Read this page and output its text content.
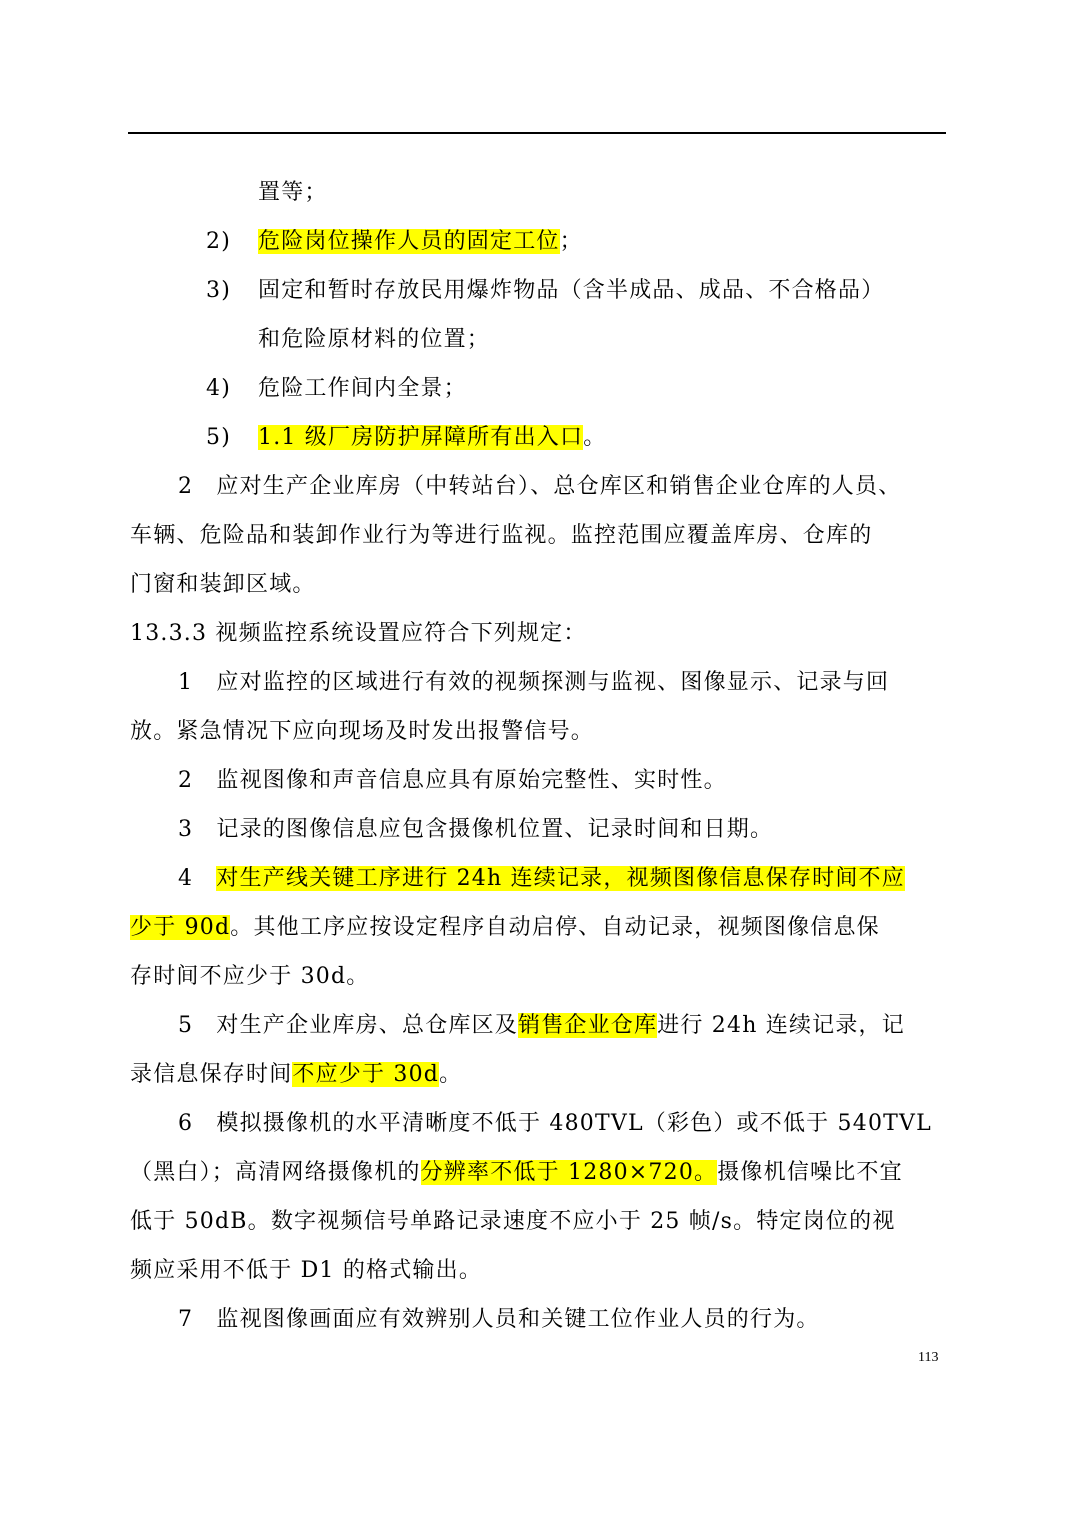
置等；
2) 危险岗位操作人员的固定工位；
3) 固定和暂时存放民用爆炸物品（含半成品、成品、不合格品）
和危险原材料的位置；
4) 危险工作间内全景；
5) 1.1 级厂房防护屏障所有出入口。
2　应对生产企业库房（中转站台）、总仓库区和销售企业仓库的人员、
车辆、危险品和装卸作业行为等进行监视。监控范围应覆盖库房、仓库的
门窗和装卸区域。
13.3.3 视频监控系统设置应符合下列规定：
1　应对监控的区域进行有效的视频探测与监视、图像显示、记录与回
放。紧急情况下应向现场及时发出报警信号。
2　监视图像和声音信息应具有原始完整性、实时性。
3　记录的图像信息应包含摄像机位置、记录时间和日期。
4　对生产线关键工序进行 24h 连续记录，视频图像信息保存时间不应
少于 90d。其他工序应按设定程序自动启停、自动记录，视频图像信息保
存时间不应少于 30d。
5　对生产企业库房、总仓库区及销售企业仓库进行 24h 连续记录，记
录信息保存时间不应少于 30d。
6　模拟摄像机的水平清晰度不低于 480TVL（彩色）或不低于 540TVL
（黑白）；高清网络摄像机的分辨率不低于 1280×720。摄像机信噪比不宜
低于 50dB。数字视频信号单路记录速度不应小于 25 帧/s。特定岗位的视
频应采用不低于 D1 的格式输出。
7　监视图像画面应有效辨别人员和关键工位作业人员的行为。
113
